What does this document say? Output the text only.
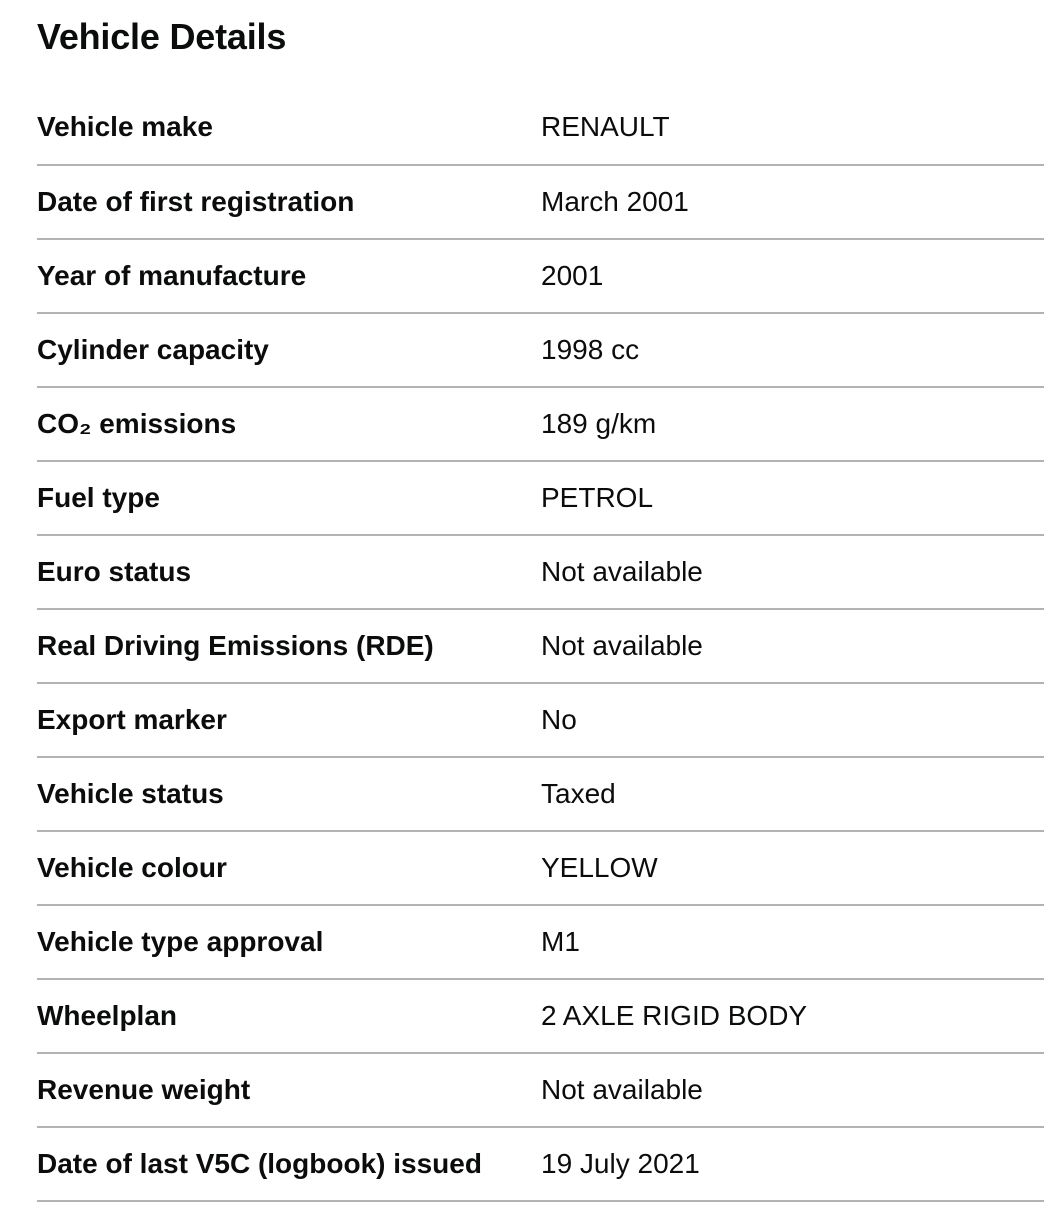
Vehicle Details
Vehicle make	RENAULT
Date of first registration	March 2001
Year of manufacture	2001
Cylinder capacity	1998 cc
CO₂ emissions	189 g/km
Fuel type	PETROL
Euro status	Not available
Real Driving Emissions (RDE)	Not available
Export marker	No
Vehicle status	Taxed
Vehicle colour	YELLOW
Vehicle type approval	M1
Wheelplan	2 AXLE RIGID BODY
Revenue weight	Not available
Date of last V5C (logbook) issued 19 July 2021
